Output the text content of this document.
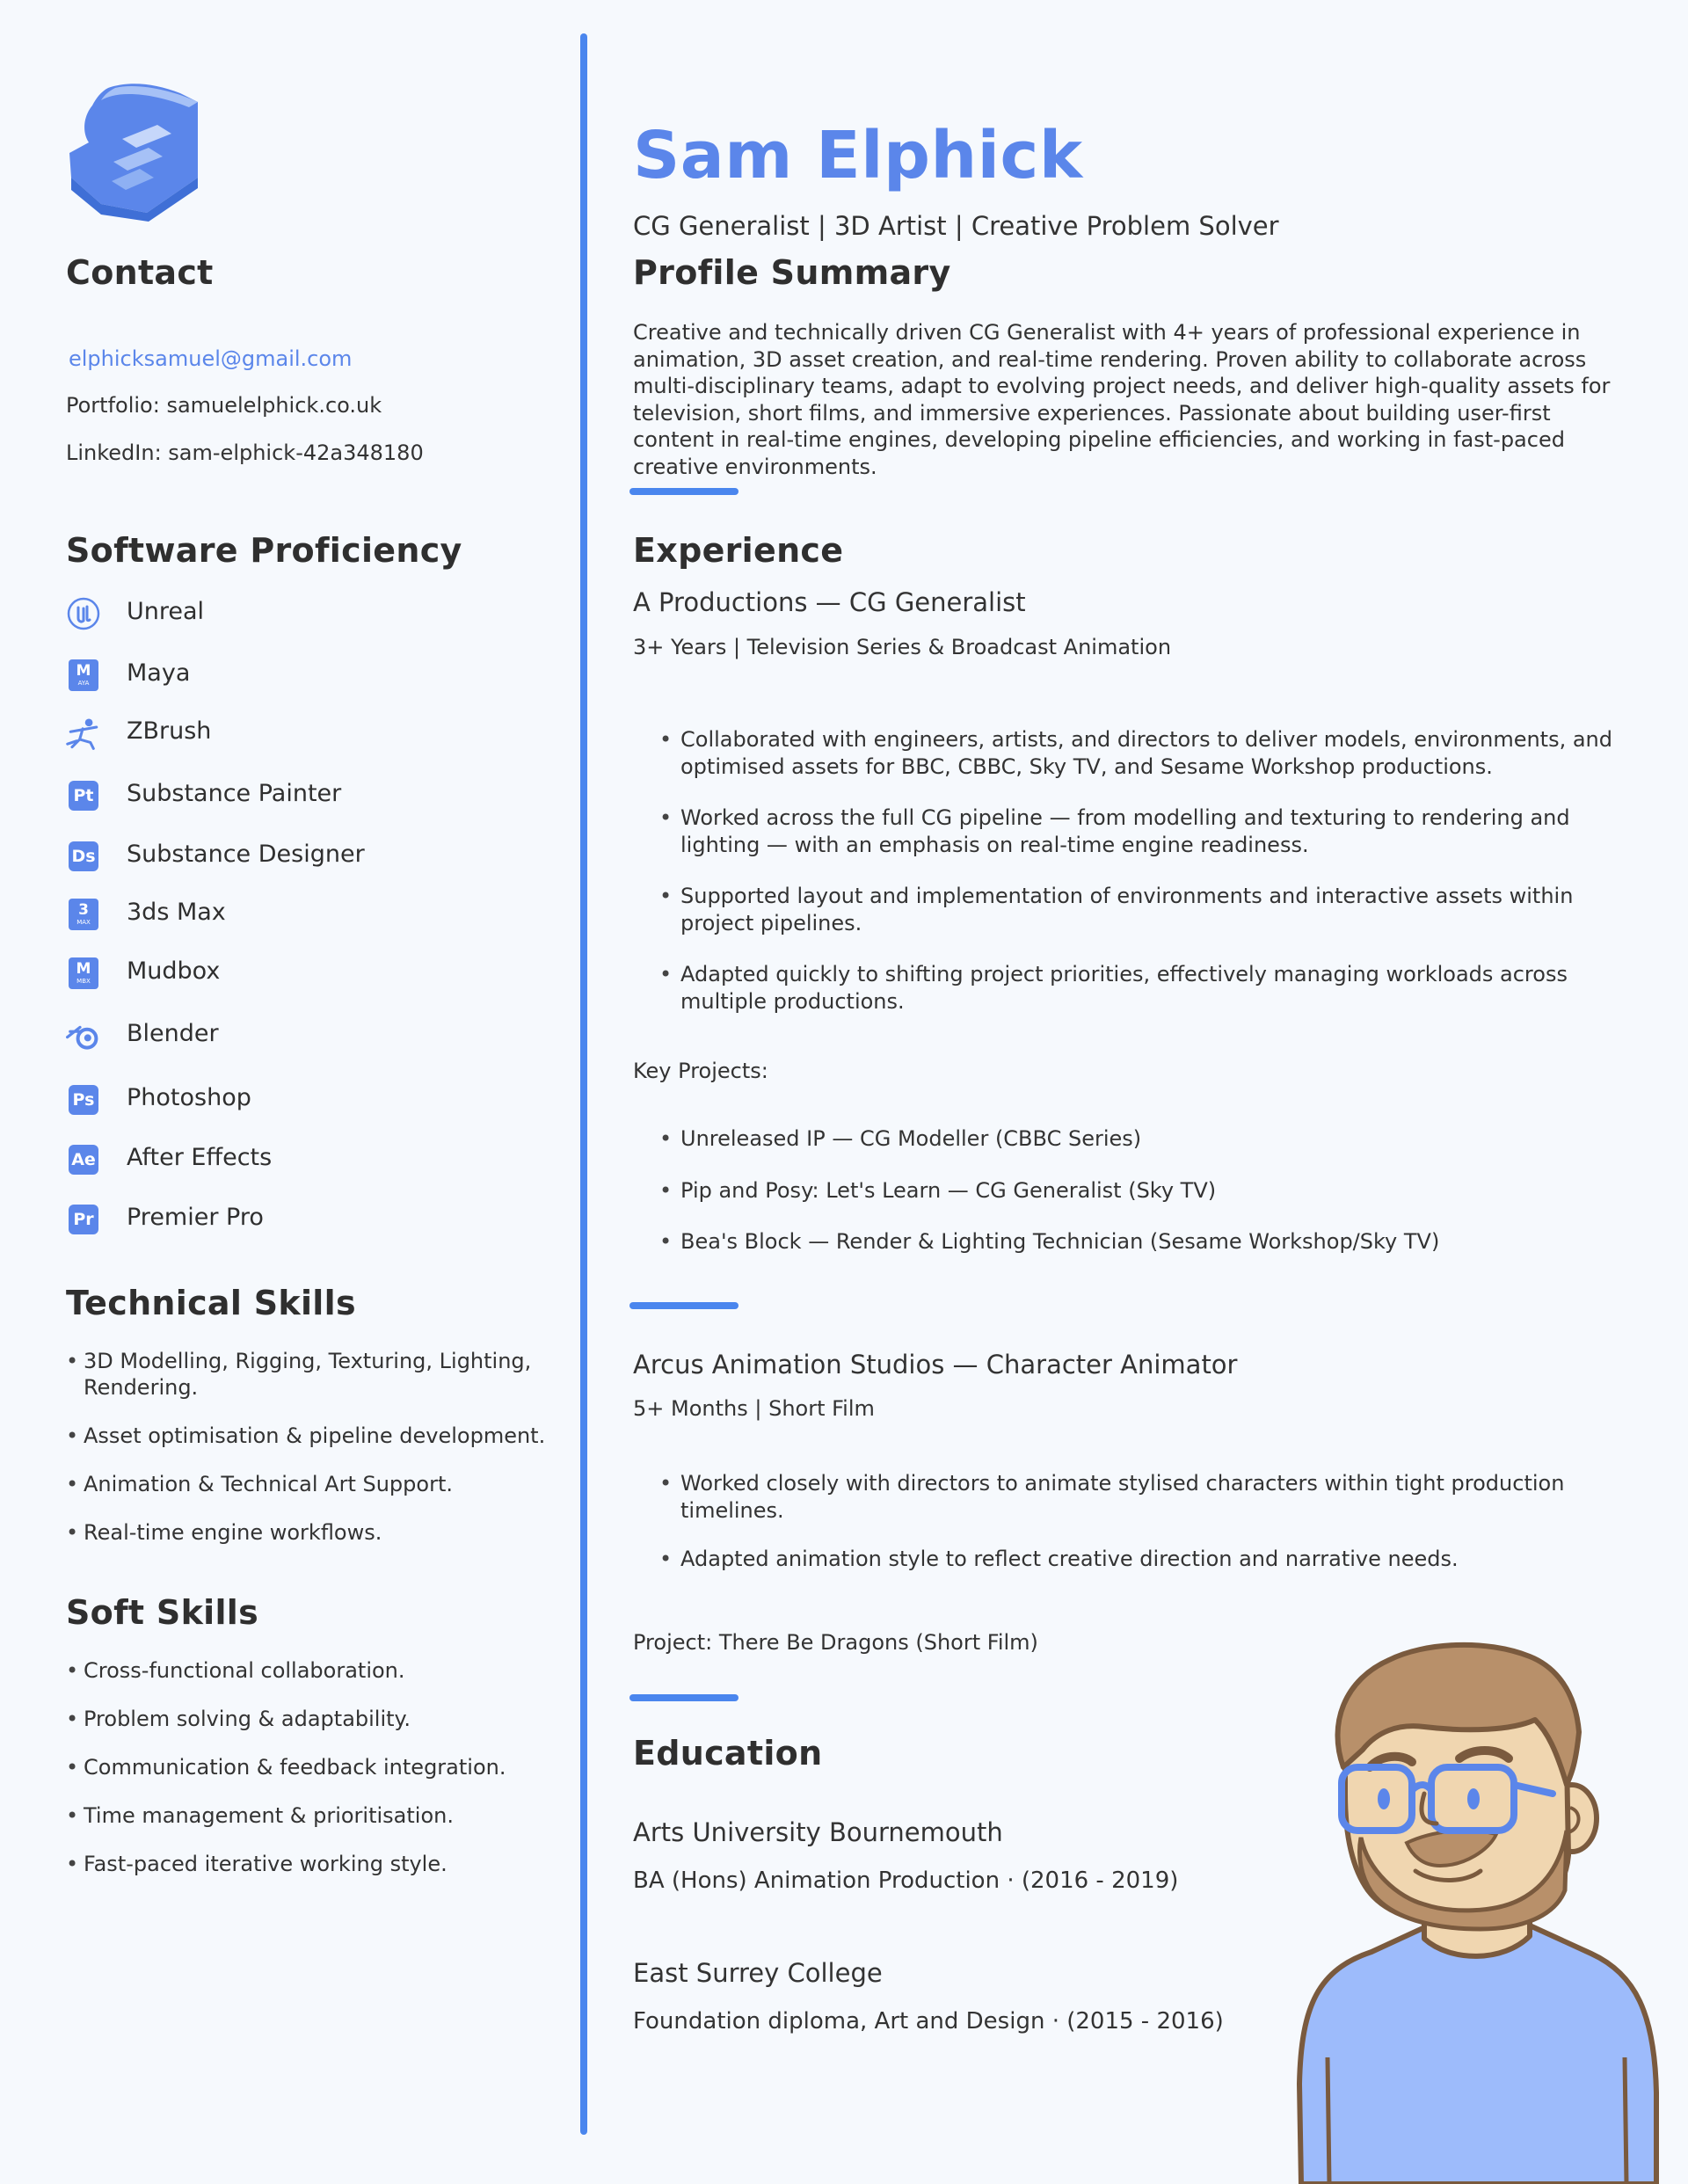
Contact
elphicksamuel@gmail.com
Portfolio: samuelelphick.co.uk
LinkedIn: sam-elphick-42a348180
Software Proficiency
Unreal
M
AYA Maya
ZBrush
Pt Substance Painter
Ds Substance Designer
3
MAX 3ds Max
M
MBX Mudbox
Blender
Ps Photoshop
Ae After Effects
Pr Premier Pro
Technical Skills
• 3D Modelling, Rigging, Texturing, Lighting, Rendering.
• Asset optimisation & pipeline development.
• Animation & Technical Art Support.
• Real-time engine workflows.
Soft Skills
• Cross-functional collaboration.
• Problem solving & adaptability.
• Communication & feedback integration.
• Time management & prioritisation.
• Fast-paced iterative working style.
Sam Elphick
CG Generalist | 3D Artist | Creative Problem Solver
Profile Summary
Creative and technically driven CG Generalist with 4+ years of professional experience in animation, 3D asset creation, and real-time rendering. Proven ability to collaborate across multi-disciplinary teams, adapt to evolving project needs, and deliver high-quality assets for television, short films, and immersive experiences. Passionate about building user-first content in real-time engines, developing pipeline efficiencies, and working in fast-paced creative environments.
Experience
A Productions — CG Generalist
3+ Years | Television Series & Broadcast Animation
• Collaborated with engineers, artists, and directors to deliver models, environments, and optimised assets for BBC, CBBC, Sky TV, and Sesame Workshop productions.
• Worked across the full CG pipeline — from modelling and texturing to rendering and lighting — with an emphasis on real-time engine readiness.
• Supported layout and implementation of environments and interactive assets within project pipelines.
• Adapted quickly to shifting project priorities, effectively managing workloads across multiple productions.
Key Projects:
• Unreleased IP — CG Modeller (CBBC Series)
• Pip and Posy: Let's Learn — CG Generalist (Sky TV)
• Bea's Block — Render & Lighting Technician (Sesame Workshop/Sky TV)
Arcus Animation Studios — Character Animator
5+ Months | Short Film
• Worked closely with directors to animate stylised characters within tight production timelines.
• Adapted animation style to reflect creative direction and narrative needs.
Project: There Be Dragons (Short Film)
Education
Arts University Bournemouth
BA (Hons) Animation Production · (2016 - 2019)
East Surrey College
Foundation diploma, Art and Design · (2015 - 2016)
